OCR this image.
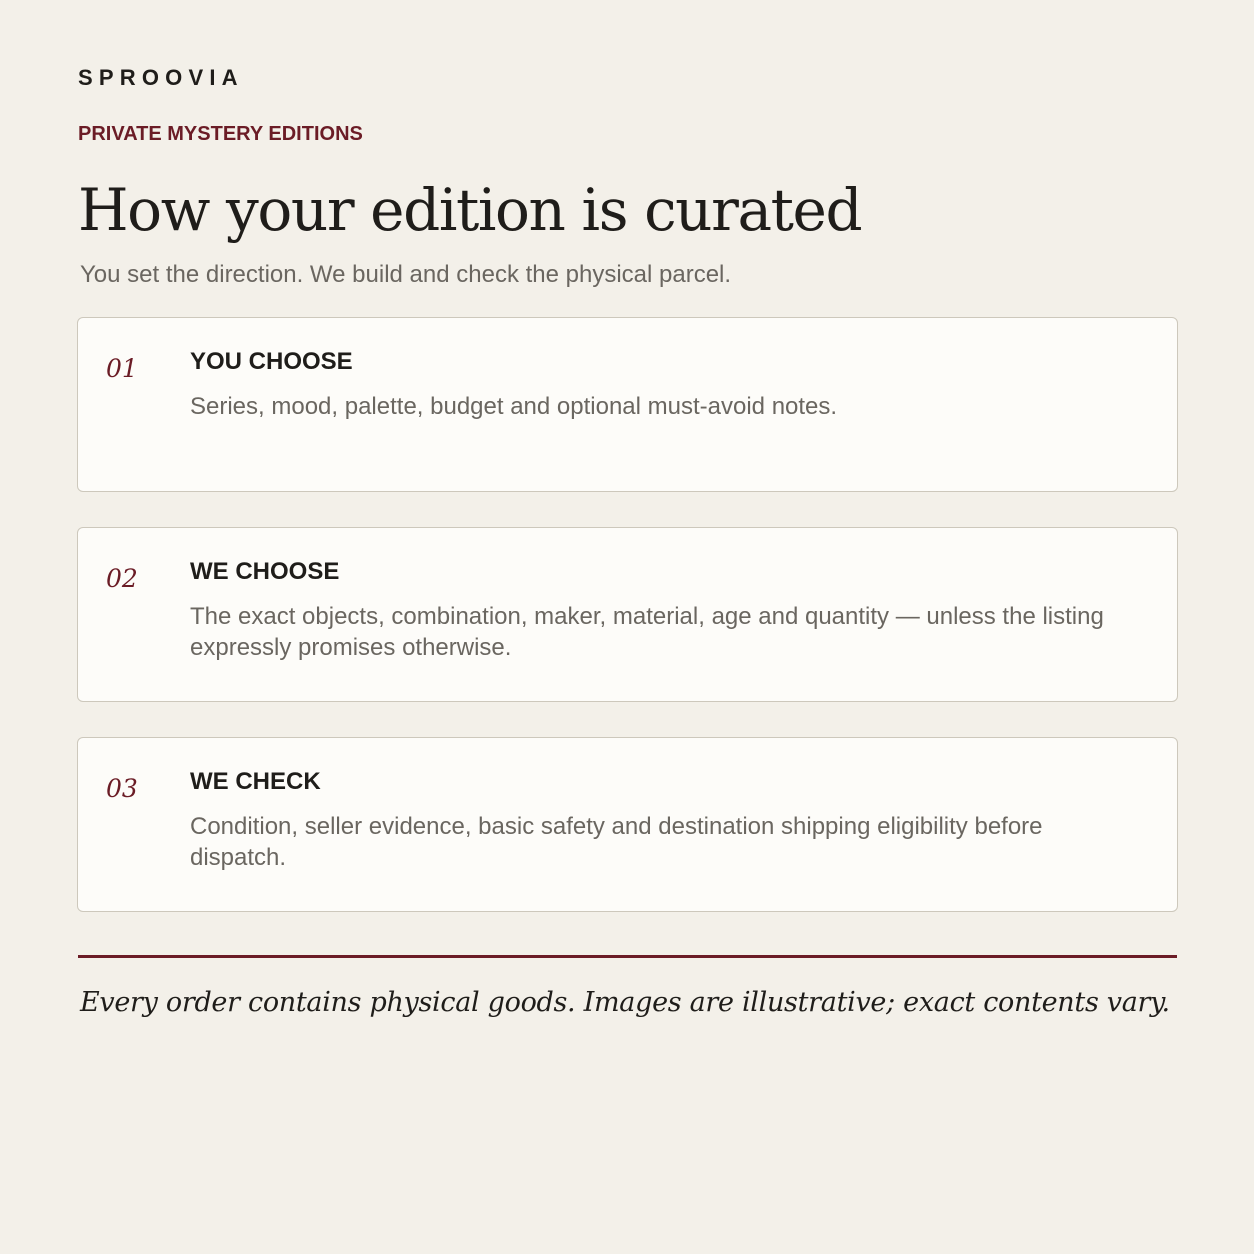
SPROOVIA
PRIVATE MYSTERY EDITIONS
How your edition is curated
You set the direction. We build and check the physical parcel.
01 YOU CHOOSE
Series, mood, palette, budget and optional must-avoid notes.
02 WE CHOOSE
The exact objects, combination, maker, material, age and quantity — unless the listing expressly promises otherwise.
03 WE CHECK
Condition, seller evidence, basic safety and destination shipping eligibility before dispatch.
Every order contains physical goods. Images are illustrative; exact contents vary.
